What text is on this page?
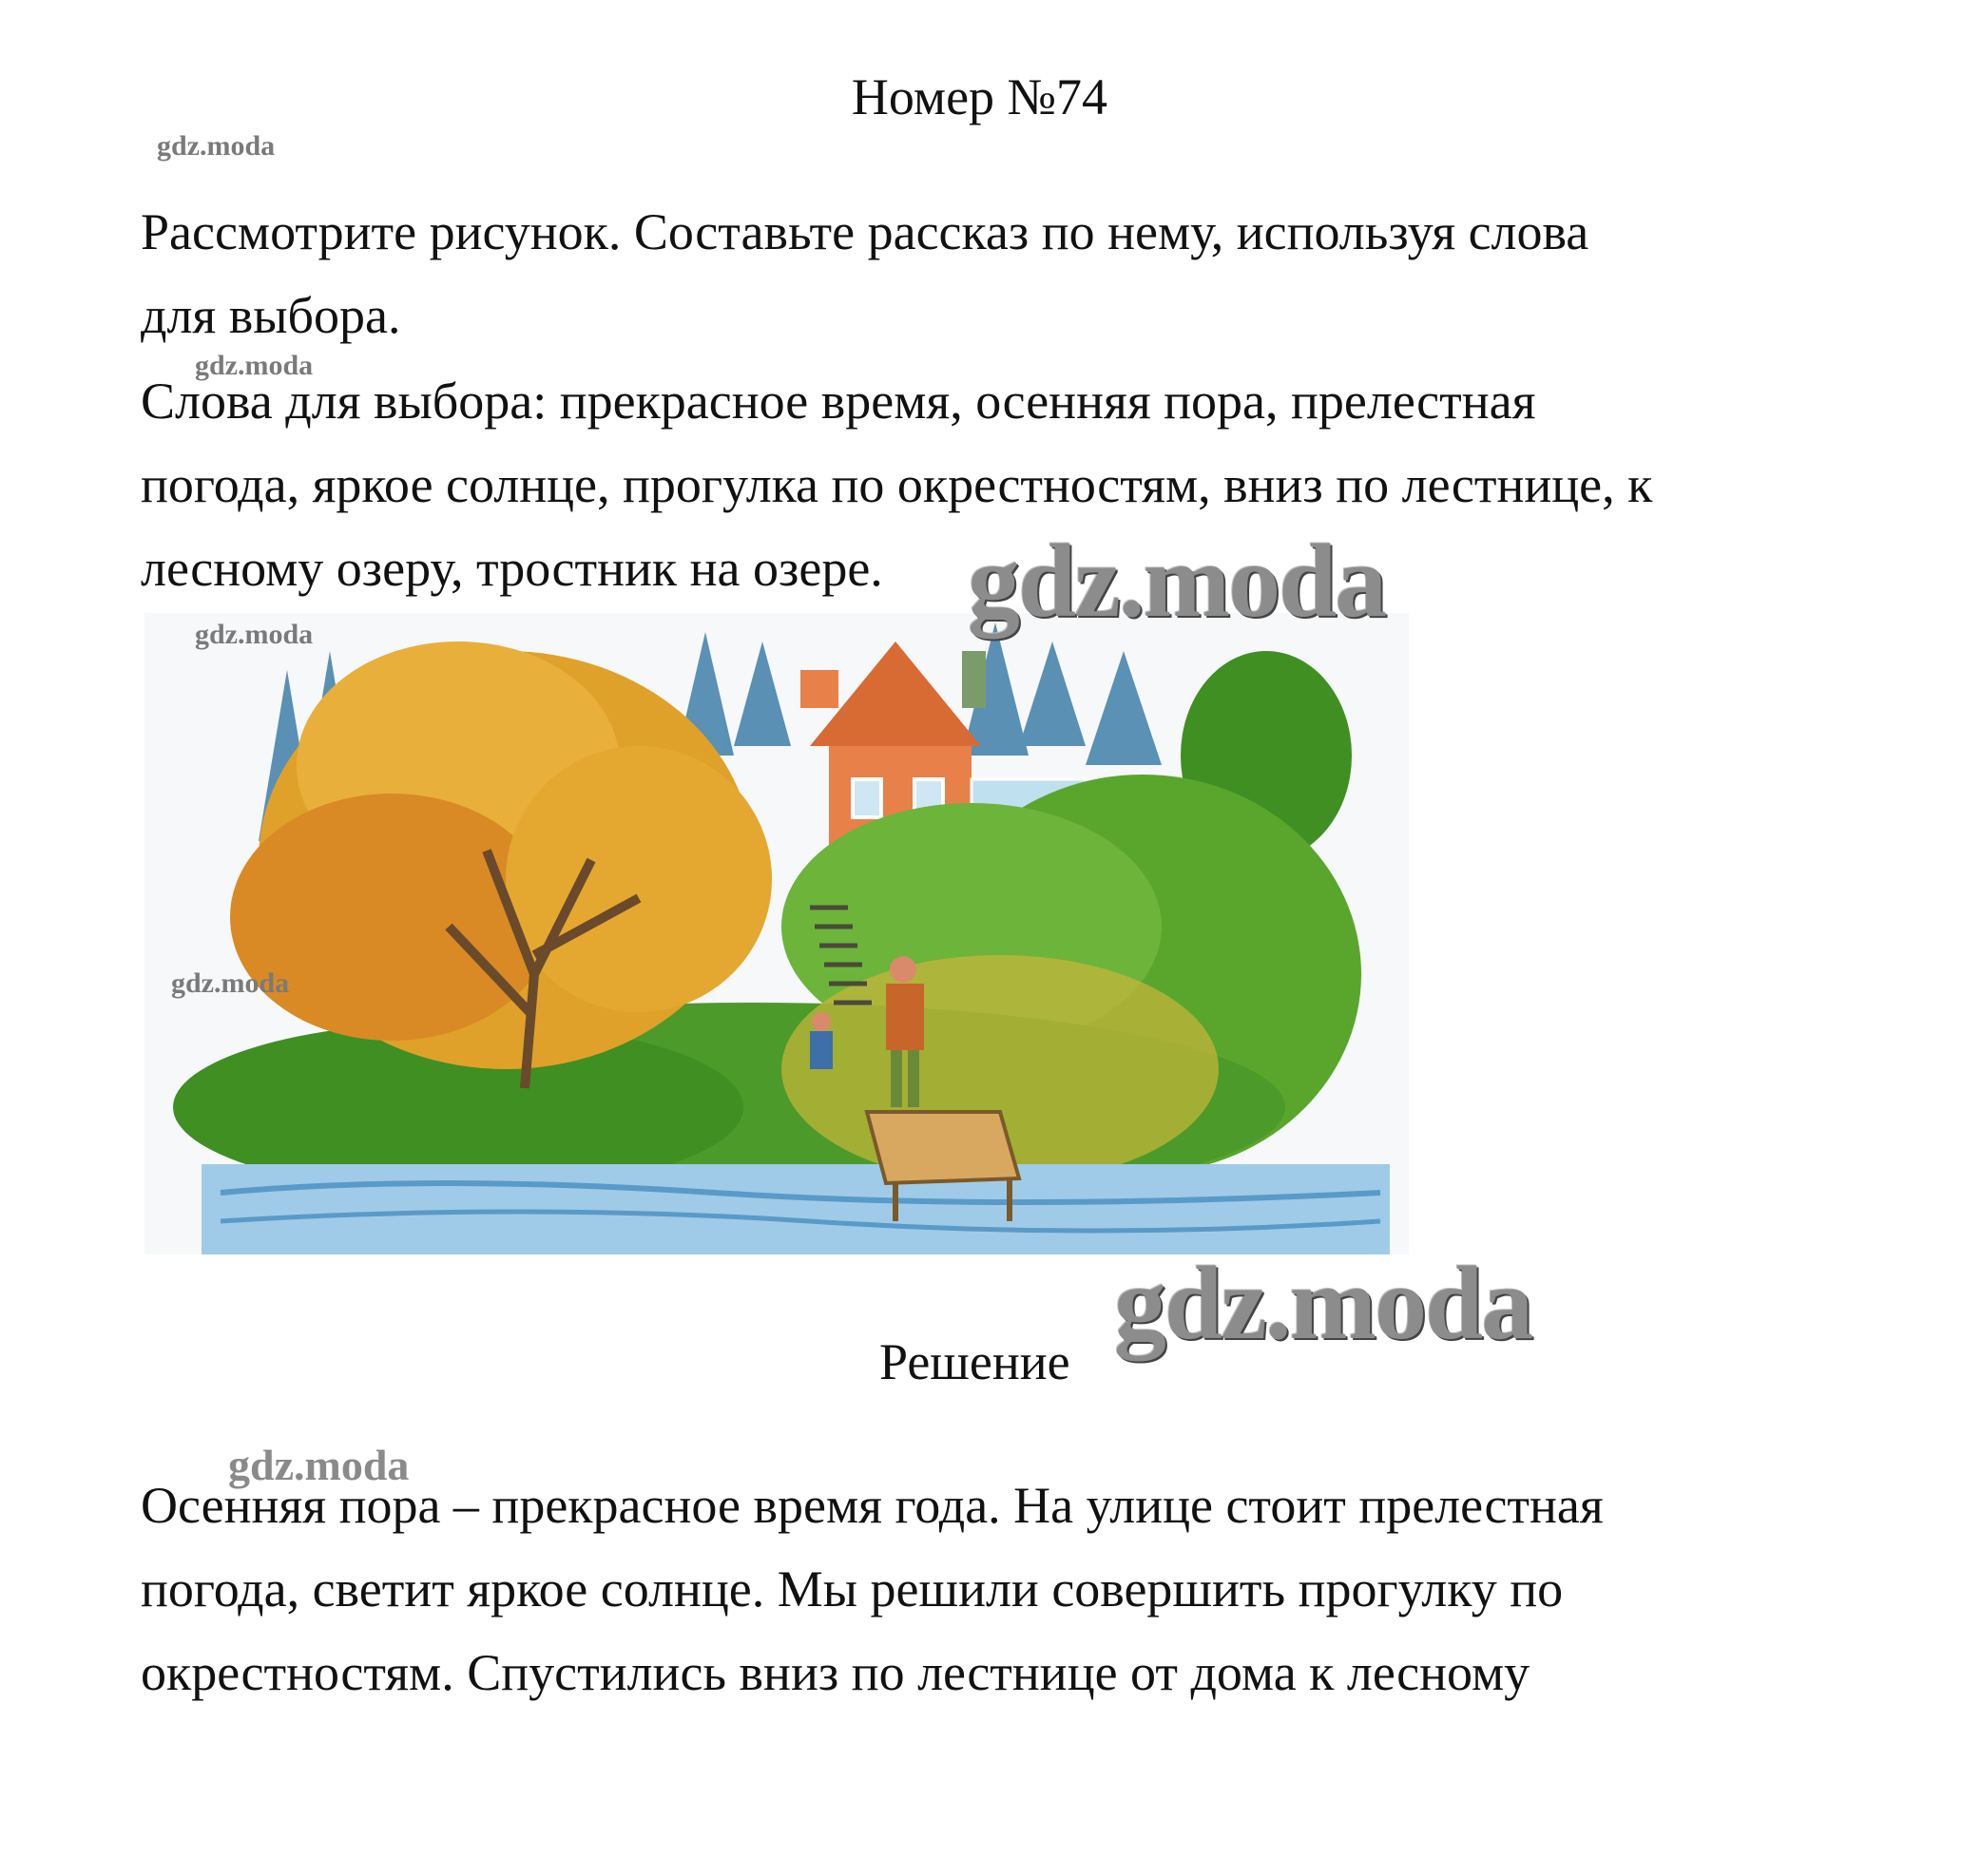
Номер №74
Рассмотрите рисунок. Составьте рассказ по нему, используя слова
для выбора.
Слова для выбора: прекрасное время, осенняя пора, прелестная
погода, яркое солнце, прогулка по окрестностям, вниз по лестнице, к
лесному озеру, тростник на озере.
Решение
Осенняя пора – прекрасное время года. На улице стоит прелестная
погода, светит яркое солнце. Мы решили совершить прогулку по
окрестностям. Спустились вниз по лестнице от дома к лесному
gdz.moda
gdz.moda
gdz.moda
gdz.moda
gdz.moda
gdz.moda
gdz.moda
